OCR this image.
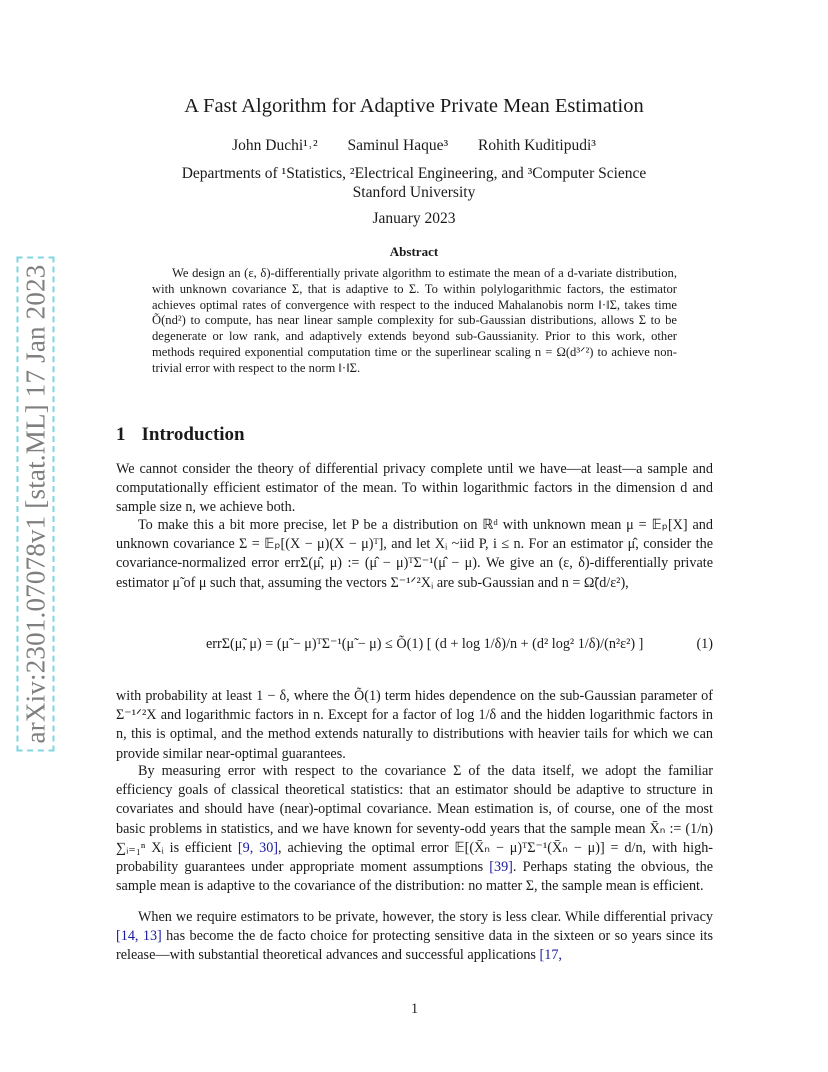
arXiv:2301.07078v1 [stat.ML] 17 Jan 2023
A Fast Algorithm for Adaptive Private Mean Estimation
John Duchi¹˒² Saminul Haque³ Rohith Kuditipudi³
Departments of ¹Statistics, ²Electrical Engineering, and ³Computer Science
Stanford University
January 2023
Abstract
We design an (ε, δ)-differentially private algorithm to estimate the mean of a d-variate distribution, with unknown covariance Σ, that is adaptive to Σ. To within polylogarithmic factors, the estimator achieves optimal rates of convergence with respect to the induced Mahalanobis norm ‖·‖Σ, takes time Õ(nd²) to compute, has near linear sample complexity for sub-Gaussian distributions, allows Σ to be degenerate or low rank, and adaptively extends beyond sub-Gaussianity. Prior to this work, other methods required exponential computation time or the superlinear scaling n = Ω(d³ᐟ²) to achieve non-trivial error with respect to the norm ‖·‖Σ.
1 Introduction

We cannot consider the theory of differential privacy complete until we have—at least—a sample and computationally efficient estimator of the mean. To within logarithmic factors in the dimension d and sample size n, we achieve both.

To make this a bit more precise, let P be a distribution on ℝᵈ with unknown mean μ = 𝔼ₚ[X] and unknown covariance Σ = 𝔼ₚ[(X − μ)(X − μ)ᵀ], and let Xᵢ ~iid P, i ≤ n. For an estimator μ̂, consider the covariance-normalized error errΣ(μ̂, μ) := (μ̂ − μ)ᵀΣ⁻¹(μ̂ − μ). We give an (ε, δ)-differentially private estimator μ̃ of μ such that, assuming the vectors Σ⁻¹ᐟ²Xᵢ are sub-Gaussian and n = Ω̃(d/ε²),

errΣ(μ̃, μ) = (μ̃ − μ)ᵀΣ⁻¹(μ̃ − μ) ≤ Õ(1) [ (d + log 1/δ)/n + (d² log² 1/δ)/(n²ε²) ]	(1)

with probability at least 1 − δ, where the Õ(1) term hides dependence on the sub-Gaussian parameter of Σ⁻¹ᐟ²X and logarithmic factors in n. Except for a factor of log 1/δ and the hidden logarithmic factors in n, this is optimal, and the method extends naturally to distributions with heavier tails for which we can provide similar near-optimal guarantees.

By measuring error with respect to the covariance Σ of the data itself, we adopt the familiar efficiency goals of classical theoretical statistics: that an estimator should be adaptive to structure in covariates and should have (near)-optimal covariance. Mean estimation is, of course, one of the most basic problems in statistics, and we have known for seventy-odd years that the sample mean X̄ₙ := (1/n) ∑ᵢ₌₁ⁿ Xᵢ is efficient [9, 30], achieving the optimal error 𝔼[(X̄ₙ − μ)ᵀΣ⁻¹(X̄ₙ − μ)] = d/n, with high-probability guarantees under appropriate moment assumptions [39]. Perhaps stating the obvious, the sample mean is adaptive to the covariance of the distribution: no matter Σ, the sample mean is efficient.

When we require estimators to be private, however, the story is less clear. While differential privacy [14, 13] has become the de facto choice for protecting sensitive data in the sixteen or so years since its release—with substantial theoretical advances and successful applications [17,

1
